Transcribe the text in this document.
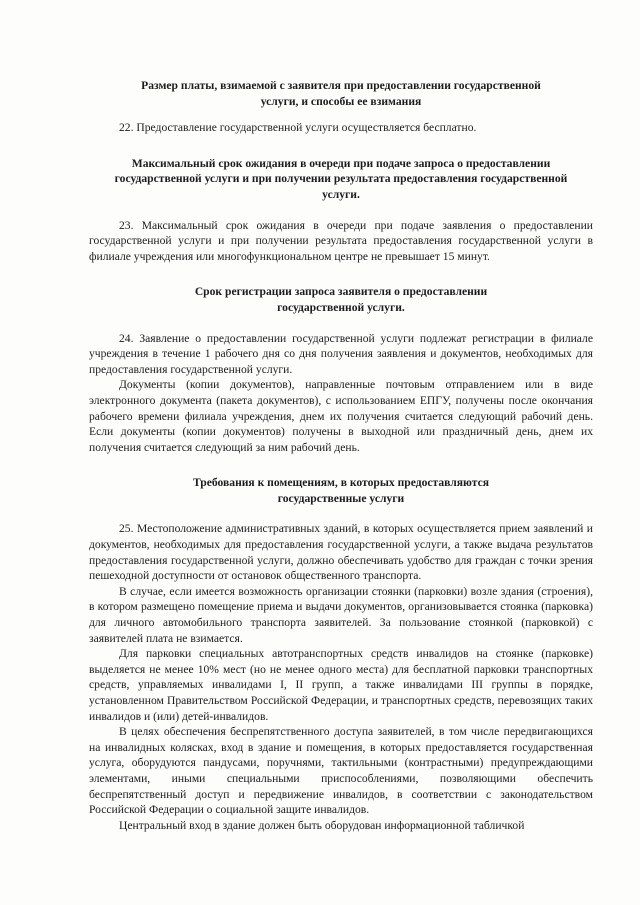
Размер платы, взимаемой с заявителя при предоставлении государственной услуги, и способы ее взимания

22. Предоставление государственной услуги осуществляется бесплатно.

Максимальный срок ожидания в очереди при подаче запроса о предоставлении государственной услуги и при получении результата предоставления государственной услуги.

23. Максимальный срок ожидания в очереди при подаче заявления о предоставлении государственной услуги и при получении результата предоставления государственной услуги в филиале учреждения или многофункциональном центре не превышает 15 минут.

Срок регистрации запроса заявителя о предоставлении государственной услуги.

24. Заявление о предоставлении государственной услуги подлежат регистрации в филиале учреждения в течение 1 рабочего дня со дня получения заявления и документов, необходимых для предоставления государственной услуги.

Документы (копии документов), направленные почтовым отправлением или в виде электронного документа (пакета документов), с использованием ЕПГУ, получены после окончания рабочего времени филиала учреждения, днем их получения считается следующий рабочий день. Если документы (копии документов) получены в выходной или праздничный день, днем их получения считается следующий за ним рабочий день.

Требования к помещениям, в которых предоставляются государственные услуги

25. Местоположение административных зданий, в которых осуществляется прием заявлений и документов, необходимых для предоставления государственной услуги, а также выдача результатов предоставления государственной услуги, должно обеспечивать удобство для граждан с точки зрения пешеходной доступности от остановок общественного транспорта.

В случае, если имеется возможность организации стоянки (парковки) возле здания (строения), в котором размещено помещение приема и выдачи документов, организовывается стоянка (парковка) для личного автомобильного транспорта заявителей. За пользование стоянкой (парковкой) с заявителей плата не взимается.

Для парковки специальных автотранспортных средств инвалидов на стоянке (парковке) выделяется не менее 10% мест (но не менее одного места) для бесплатной парковки транспортных средств, управляемых инвалидами I, II групп, а также инвалидами III группы в порядке, установленном Правительством Российской Федерации, и транспортных средств, перевозящих таких инвалидов и (или) детей-инвалидов.

В целях обеспечения беспрепятственного доступа заявителей, в том числе передвигающихся на инвалидных колясках, вход в здание и помещения, в которых предоставляется государственная услуга, оборудуются пандусами, поручнями, тактильными (контрастными) предупреждающими элементами, иными специальными приспособлениями, позволяющими обеспечить беспрепятственный доступ и передвижение инвалидов, в соответствии с законодательством Российской Федерации о социальной защите инвалидов.

Центральный вход в здание должен быть оборудован информационной табличкой
